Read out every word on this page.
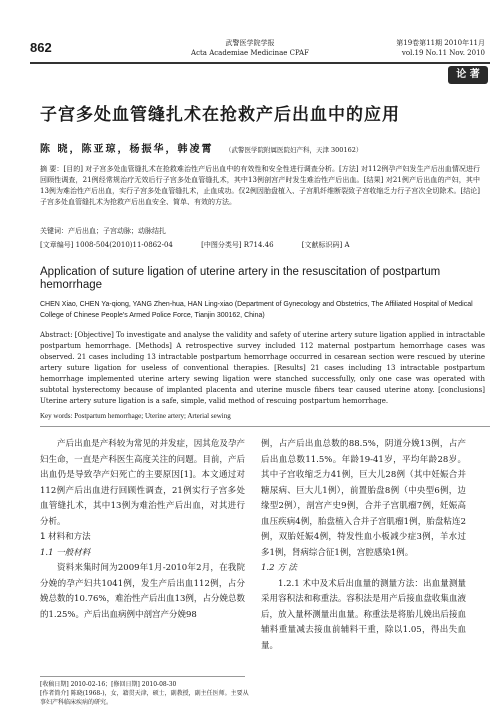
862	武警医学院学报
Acta Academiae Medicinae CPAF
第19卷第11期 2010年11月
vol.19 No.11 Nov. 2010
论 著
子宫多处血管缝扎术在抢救产后出血中的应用
陈 晓，陈亚琼，杨振华，韩凌霄 （武警医学院附属医院妇产科，天津 300162）
摘 要：[目的] 对子宫多处血管缝扎术在抢救难治性产后出血中的有效性和安全性进行调查分析。[方法] 对112例孕产妇发生产后出血情况进行回顾性调查，21例经常规治疗无效后行子宫多处血管缝扎术，其中13例剖宫产时发生难治性产后出血。[结果] 对21例产后出血的产妇，其中13例为难治性产后出血，实行子宫多处血管缝扎术，止血成功。仅2例因胎盘植入、子宫肌纤维断裂致子宫收缩乏力行子宫次全切除术。[结论] 子宫多处血管缝扎术为抢救产后出血安全、简单、有效的方法。
关键词：产后出血；子宫动脉；动脉结扎
[文章编号] 1008-504(2010)11-0862-04	[中图分类号] R714.46	[文献标识码] A
Application of suture ligation of uterine artery in the resuscitation of postpartum hemorrhage
CHEN Xiao, CHEN Ya-qiong, YANG Zhen-hua, HAN Ling-xiao (Department of Gynecology and Obstetrics, The Affiliated Hospital of Medical College of Chinese People's Armed Police Force, Tianjin 300162, China)
Abstract: [Objective] To investigate and analyse the validity and safety of uterine artery suture ligation applied in intractable postpartum hemorrhage. [Methods] A retrospective survey included 112 maternal postpartum hemorrhage cases was observed. 21 cases including 13 intractable postpartum hemorrhage occurred in cesarean section were rescued by uterine artery suture ligation for useless of conventional therapies. [Results] 21 cases including 13 intractable postpartum hemorrhage implemented uterine artery sewing ligation were stanched successfully, only one case was operated with subtotal hysterectomy because of implanted placenta and uterine muscle fibers tear caused uterine atony. [conclusions] Uterine artery suture ligation is a safe, simple, valid method of rescuing postpartum hemorrhage.
Key words: Postpartum hemorrhage; Uterine artery; Arterial sewing

产后出血是产科较为常见的并发症，因其危及孕产妇生命，一直是产科医生高度关注的问题。目前，产后出血仍是导致孕产妇死亡的主要原因[1]。本文通过对112例产后出血进行回顾性调查，21例实行子宫多处血管缝扎术，其中13例为难治性产后出血，对其进行分析。

1 材料和方法
1.1 一般材料

资料来集时间为2009年1月-2010年2月，在我院分娩的孕产妇共1041例，发生产后出血112例，占分娩总数的10.76%，难治性产后出血13例，占分娩总数的1.25%。产后出血病例中剖宫产分娩98

例，占产后出血总数的88.5%，阴道分娩13例，占产后出血总数11.5%。年龄19-41岁，平均年龄28岁。其中子宫收缩乏力41例，巨大儿28例（其中妊娠合并糖尿病、巨大儿1例），前置胎盘8例（中央型6例，边缘型2例），剖宫产史9例，合并子宫肌瘤7例，妊娠高血压疾病4例，胎盘植入合并子宫肌瘤1例，胎盘粘连2例，双胎妊娠4例，特发性血小板减少症3例，羊水过多1例，肾病综合征1例，宫腔感染1例。

1.2 方 法

1.2.1 术中及术后出血量的测量方法：出血量测量采用容积法和称重法。容积法是用产后接血盘收集血液后，放入量杯测量出血量。称重法是将胎儿娩出后接血辅料重量减去接血前辅料干重，除以1.05，得出失血量。

[收稿日期] 2010-02-16；[修回日期] 2010-08-30
[作者简介] 陈晓(1968-)，女，籍贯天津，硕士，副教授，副主任医师。主要从事妇产科临床疾病的研究。
